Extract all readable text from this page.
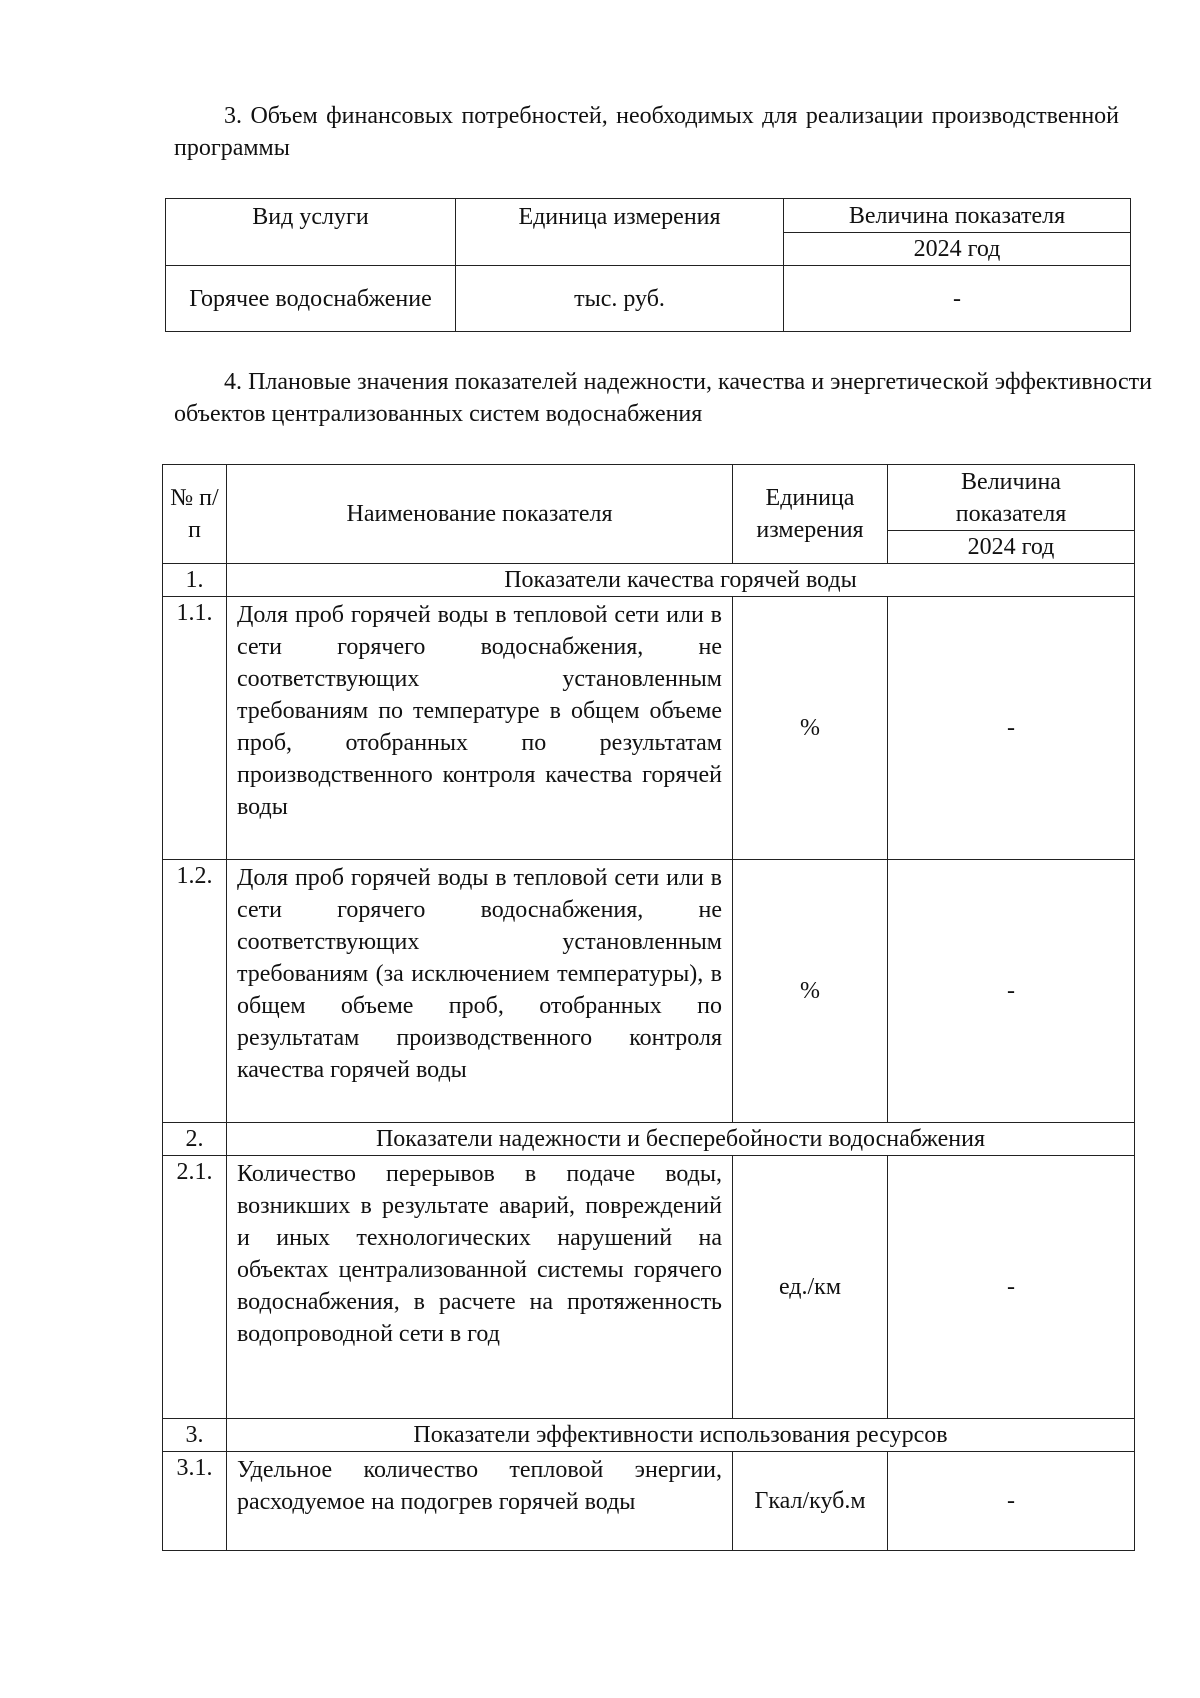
3. Объем финансовых потребностей, необходимых для реализации производственной программы

Вид услуги	Единица измерения	Величина показателя
		2024 год
Горячее водоснабжение	тыс. руб.	-

4. Плановые значения показателей надежности, качества и энергетической эффективности объектов централизованных систем водоснабжения

№ п/п	Наименование показателя	Единица измерения	Величина показателя
			2024 год
1.	Показатели качества горячей воды		
1.1.	Доля проб горячей воды в тепловой сети или в сети горячего водоснабжения, не соответствующих установленным требованиям по температуре в общем объеме проб, отобранных по результатам производственного контроля качества горячей воды	%	-
1.2.	Доля проб горячей воды в тепловой сети или в сети горячего водоснабжения, не соответствующих установленным требованиям (за исключением температуры), в общем объеме проб, отобранных по результатам производственного контроля качества горячей воды	%	-
2.	Показатели надежности и бесперебойности водоснабжения		
2.1.	Количество перерывов в подаче воды, возникших в результате аварий, повреждений и иных технологических нарушений на объектах централизованной системы горячего водоснабжения, в расчете на протяженность водопроводной сети в год	ед./км	-
3.	Показатели эффективности использования ресурсов		
3.1.	Удельное количество тепловой энергии, расходуемое на подогрев горячей воды	Гкал/куб.м	-
